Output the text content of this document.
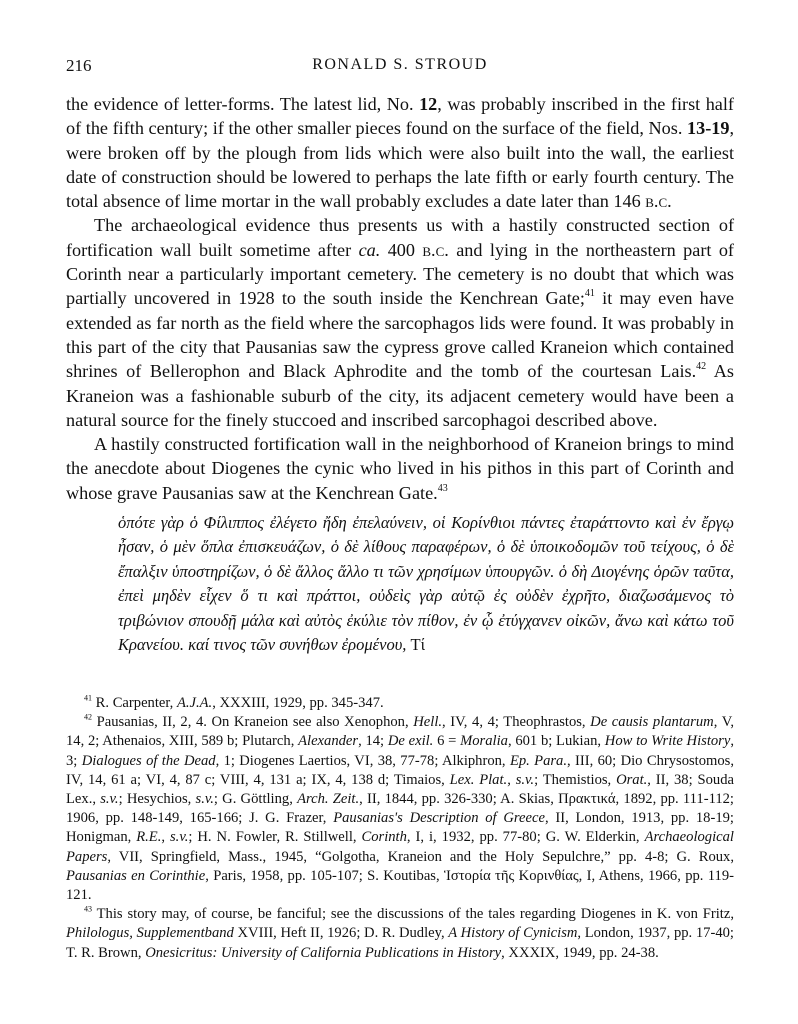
216	RONALD S. STROUD

the evidence of letter-forms. The latest lid, No. 12, was probably inscribed in the first half of the fifth century; if the other smaller pieces found on the surface of the field, Nos. 13-19, were broken off by the plough from lids which were also built into the wall, the earliest date of construction should be lowered to perhaps the late fifth or early fourth century. The total absence of lime mortar in the wall probably excludes a date later than 146 b.c.

The archaeological evidence thus presents us with a hastily constructed section of fortification wall built sometime after ca. 400 b.c. and lying in the northeastern part of Corinth near a particularly important cemetery. The cemetery is no doubt that which was partially uncovered in 1928 to the south inside the Kenchrean Gate;$^{41}$ it may even have extended as far north as the field where the sarcophagos lids were found. It was probably in this part of the city that Pausanias saw the cypress grove called Kraneion which contained shrines of Bellerophon and Black Aphrodite and the tomb of the courtesan Lais.$^{42}$ As Kraneion was a fashionable suburb of the city, its adjacent cemetery would have been a natural source for the finely stuccoed and inscribed sarcophagoi described above.

A hastily constructed fortification wall in the neighborhood of Kraneion brings to mind the anecdote about Diogenes the cynic who lived in his pithos in this part of Corinth and whose grave Pausanias saw at the Kenchrean Gate.$^{43}$

ὁπότε γὰρ ὁ Φίλιππος ἐλέγετο ἤδη ἐπελαύνειν, οἱ Κορίνθιοι πάντες ἐταράττοντο καὶ ἐν ἔργῳ ἦσαν, ὁ μὲν ὅπλα ἐπισκευάζων, ὁ δὲ λίθους παραφέρων, ὁ δὲ ὑποικοδομῶν τοῦ τείχους, ὁ δὲ ἔπαλξιν ὑποστηρίζων, ὁ δὲ ἄλλος ἄλλο τι τῶν χρησίμων ὑπουργῶν. ὁ δὴ Διογένης ὁρῶν ταῦτα, ἐπεὶ μηδὲν εἶχεν ὅ τι καὶ πράττοι, οὐδεὶς γὰρ αὐτῷ ἐς οὐδὲν ἐχρῆτο, διαζωσάμενος τὸ τριβώνιον σπουδῇ μάλα καὶ αὐτὸς ἐκύλιε τὸν πίθον, ἐν ᾧ ἐτύγχανεν οἰκῶν, ἄνω καὶ κάτω τοῦ Κρανείου. καί τινος τῶν συνήθων ἐρομένου, Τί

$^{41}$ R. Carpenter, A.J.A., XXXIII, 1929, pp. 345-347.

$^{42}$ Pausanias, II, 2, 4. On Kraneion see also Xenophon, Hell., IV, 4, 4; Theophrastos, De causis plantarum, V, 14, 2; Athenaios, XIII, 589 b; Plutarch, Alexander, 14; De exil. 6 = Moralia, 601 b; Lukian, How to Write History, 3; Dialogues of the Dead, 1; Diogenes Laertios, VI, 38, 77-78; Alkiphron, Ep. Para., III, 60; Dio Chrysostomos, IV, 14, 61 a; VI, 4, 87 c; VIII, 4, 131 a; IX, 4, 138 d; Timaios, Lex. Plat., s.v.; Themistios, Orat., II, 38; Souda Lex., s.v.; Hesychios, s.v.; G. Göttling, Arch. Zeit., II, 1844, pp. 326-330; A. Skias, Πρακτικά, 1892, pp. 111-112; 1906, pp. 148-149, 165-166; J. G. Frazer, Pausanias's Description of Greece, II, London, 1913, pp. 18-19; Honigman, R.E., s.v.; H. N. Fowler, R. Stillwell, Corinth, I, i, 1932, pp. 77-80; G. W. Elderkin, Archaeological Papers, VII, Springfield, Mass., 1945, “Golgotha, Kraneion and the Holy Sepulchre,” pp. 4-8; G. Roux, Pausanias en Corinthie, Paris, 1958, pp. 105-107; S. Koutibas, Ἱστορία τῆς Κορινθίας, I, Athens, 1966, pp. 119-121.

$^{43}$ This story may, of course, be fanciful; see the discussions of the tales regarding Diogenes in K. von Fritz, Philologus, Supplementband XVIII, Heft II, 1926; D. R. Dudley, A History of Cynicism, London, 1937, pp. 17-40; T. R. Brown, Onesicritus: University of California Publications in History, XXXIX, 1949, pp. 24-38.
